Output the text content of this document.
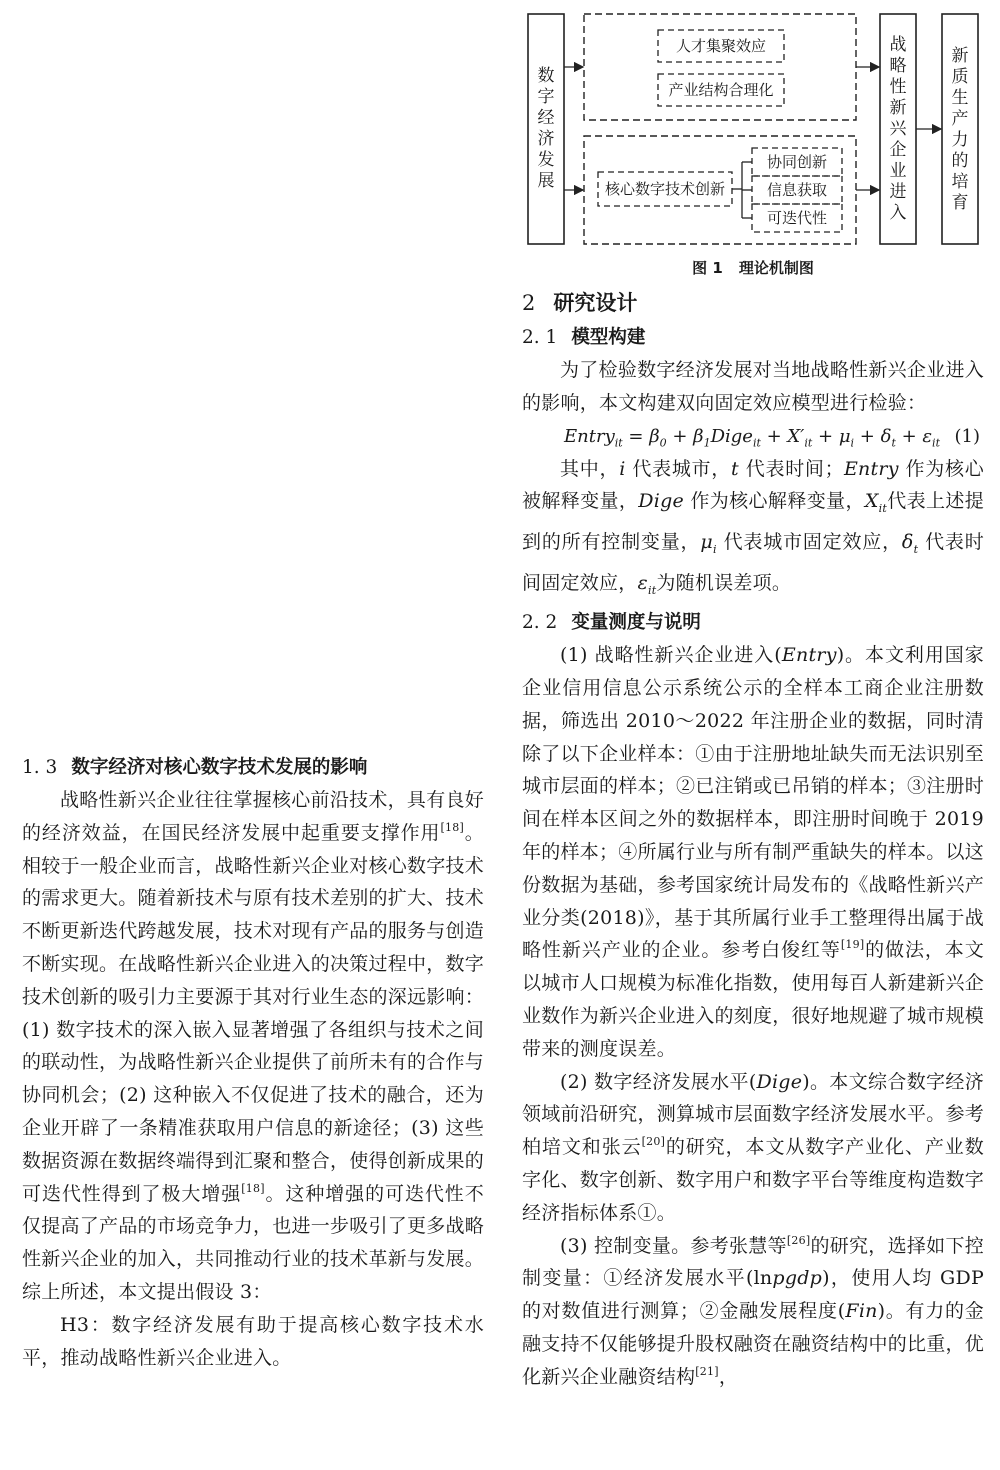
1. 3 数字经济对核心数字技术发展的影响

战略性新兴企业往往掌握核心前沿技术，具有良好的经济效益，在国民经济发展中起重要支撑作用[18]。相较于一般企业而言，战略性新兴企业对核心数字技术的需求更大。随着新技术与原有技术差别的扩大、技术不断更新迭代跨越发展，技术对现有产品的服务与创造不断实现。在战略性新兴企业进入的决策过程中，数字技术创新的吸引力主要源于其对行业生态的深远影响：(1) 数字技术的深入嵌入显著增强了各组织与技术之间的联动性，为战略性新兴企业提供了前所未有的合作与协同机会；(2) 这种嵌入不仅促进了技术的融合，还为企业开辟了一条精准获取用户信息的新途径；(3) 这些数据资源在数据终端得到汇聚和整合，使得创新成果的可迭代性得到了极大增强[18]。这种增强的可迭代性不仅提高了产品的市场竞争力，也进一步吸引了更多战略性新兴企业的加入，共同推动行业的技术革新与发展。综上所述，本文提出假设 3：

H3：数字经济发展有助于提高核心数字技术水平，推动战略性新兴企业进入。

数字经济发展
人才集聚效应
产业结构合理化
核心数字技术创新
协同创新
信息获取
可迭代性
战略性新兴企业进入
新质生产力的培育
图 1 理论机制图
2 研究设计
2. 1 模型构建

为了检验数字经济发展对当地战略性新兴企业进入的影响，本文构建双向固定效应模型进行检验：

Entry$_{it}$ = $\beta_0$ + $\beta_1Dige_{it} + X'_{it} + \mu_i + \delta_t + \varepsilon_{it}$ (1)

其中，i 代表城市，t 代表时间；Entry 作为核心被解释变量，Dige 作为核心解释变量，$X_{it}$代表上述提到的所有控制变量，$\mu_i$ 代表城市固定效应，$\delta_t$ 代表时间固定效应，$\varepsilon_{it}$为随机误差项。

2. 2 变量测度与说明

(1) 战略性新兴企业进入(Entry)。本文利用国家企业信用信息公示系统公示的全样本工商企业注册数据，筛选出 2010～2022 年注册企业的数据，同时清除了以下企业样本：①由于注册地址缺失而无法识别至城市层面的样本；②已注销或已吊销的样本；③注册时间在样本区间之外的数据样本，即注册时间晚于 2019 年的样本；④所属行业与所有制严重缺失的样本。以这份数据为基础，参考国家统计局发布的《战略性新兴产业分类(2018)》，基于其所属行业手工整理得出属于战略性新兴产业的企业。参考白俊红等[19]的做法，本文以城市人口规模为标准化指数，使用每百人新建新兴企业数作为新兴企业进入的刻度，很好地规避了城市规模带来的测度误差。

(2) 数字经济发展水平(Dige)。本文综合数字经济领域前沿研究，测算城市层面数字经济发展水平。参考柏培文和张云[20]的研究，本文从数字产业化、产业数字化、数字创新、数字用户和数字平台等维度构造数字经济指标体系①。

(3) 控制变量。参考张慧等[26]的研究，选择如下控制变量：①经济发展水平(lnpgdp)，使用人均 GDP 的对数值进行测算；②金融发展程度(Fin)。有力的金融支持不仅能够提升股权融资在融资结构中的比重，优化新兴企业融资结构[21]，
